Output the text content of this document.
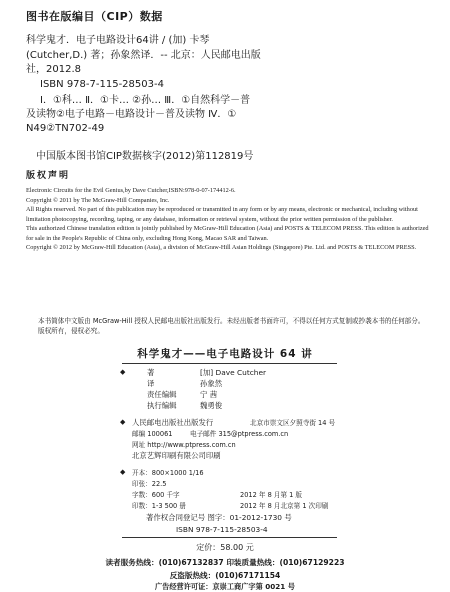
图书在版编目（CIP）数据
科学鬼才．电子电路设计64讲 / (加) 卡琴
(Cutcher,D.) 著；孙象然译．-- 北京：人民邮电出版
社，2012.8
ISBN 978-7-115-28503-4
Ⅰ．①科… Ⅱ．①卡… ②孙… Ⅲ．①自然科学－普
及读物②电子电路－电路设计－普及读物 Ⅳ．①
N49②TN702-49
中国版本图书馆CIP数据核字(2012)第112819号
版权声明

Electronic Circuits for the Evil Genius,by Dave Cutcher,ISBN:978-0-07-174412-6.

Copyright © 2011 by The McGraw-Hill Companies, Inc.

All Rights reserved. No part of this publication may be reproduced or transmitted in any form or by any means, electronic or mechanical, including without limitation photocopying, recording, taping, or any database, information or retrieval system, without the prior written permission of the publisher.

This authorized Chinese translation edition is jointly published by McGraw-Hill Education (Asia) and POSTS & TELECOM PRESS. This edition is authorized for sale in the People's Republic of China only, excluding Hong Kong, Macao SAR and Taiwan.

Copyright © 2012 by McGraw-Hill Education (Asia), a division of McGraw-Hill Asian Holdings (Singapore) Pte. Ltd. and POSTS & TELECOM PRESS.

本书简体中文版由 McGraw-Hill 授权人民邮电出版社出版发行。未经出版者书面许可，不得以任何方式复制或抄袭本书的任何部分。

版权所有，侵权必究。

科学鬼才——电子电路设计 64 讲
◆	著	[加] Dave Cutcher
译	孙象然
责任编辑	宁 茜
执行编辑	魏勇俊
◆ 人民邮电出版社出版发行	北京市崇文区夕照寺街 14 号
邮编 100061	电子邮件 315@ptpress.com.cn
网址 http://www.ptpress.com.cn
北京艺辉印刷有限公司印刷
◆ 开本：800×1000 1/16
印张：22.5
字数：600 千字	2012 年 8 月第 1 版
印数：1-3 500 册	2012 年 8 月北京第 1 次印刷
著作权合同登记号 图字：01-2012-1730 号
ISBN 978-7-115-28503-4
定价：58.00 元
读者服务热线：(010)67132837 印装质量热线：(010)67129223
反盗版热线：(010)67171154
广告经营许可证：京崇工商广字第 0021 号
